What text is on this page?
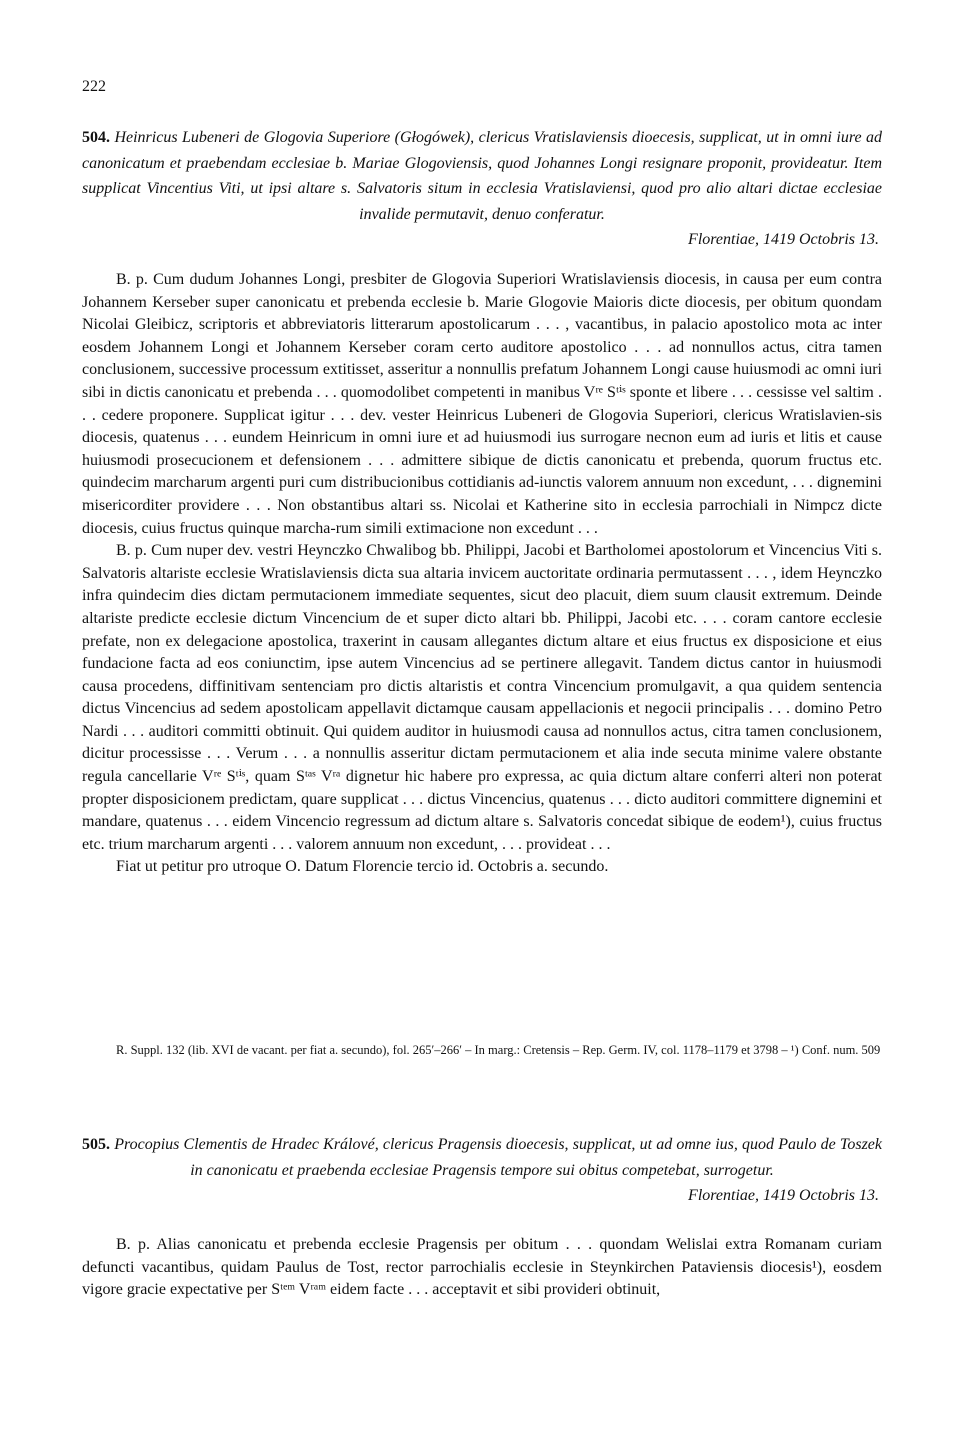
222
504. Heinricus Lubeneri de Glogovia Superiore (Głogówek), clericus Vratislaviensis dioecesis, supplicat, ut in omni iure ad canonicatum et praebendam ecclesiae b. Mariae Glogoviensis, quod Johannes Longi resignare proponit, provideatur. Item supplicat Vincentius Viti, ut ipsi altare s. Salvatoris situm in ecclesia Vratislaviensi, quod pro alio altari dictae ecclesiae invalide permutavit, denuo conferatur.
Florentiae, 1419 Octobris 13.

B. p. Cum dudum Johannes Longi, presbiter de Glogovia Superiori Wratislaviensis diocesis, in causa per eum contra Johannem Kerseber super canonicatu et prebenda ecclesie b. Marie Glogovie Maioris dicte diocesis, per obitum quondam Nicolai Gleibicz, scriptoris et abbreviatoris litterarum apostolicarum . . . , vacantibus, in palacio apostolico mota ac inter eosdem Johannem Longi et Johannem Kerseber coram certo auditore apostolico . . . ad nonnullos actus, citra tamen conclusionem, successive processum extitisset, asseritur a nonnullis prefatum Johannem Longi cause huiusmodi ac omni iuri sibi in dictis canonicatu et prebenda . . . quomodolibet competenti in manibus Vʳᵉ Sᵗⁱˢ sponte et libere . . . cessisse vel saltim . . . cedere proponere. Supplicat igitur . . . dev. vester Heinricus Lubeneri de Glogovia Superiori, clericus Wratislavien-sis diocesis, quatenus . . . eundem Heinricum in omni iure et ad huiusmodi ius surrogare necnon eum ad iuris et litis et cause huiusmodi prosecucionem et defensionem . . . admittere sibique de dictis canonicatu et prebenda, quorum fructus etc. quindecim marcharum argenti puri cum distribucionibus cottidianis ad-iunctis valorem annuum non excedunt, . . . dignemini misericorditer providere . . . Non obstantibus altari ss. Nicolai et Katherine sito in ecclesia parrochiali in Nimpcz dicte diocesis, cuius fructus quinque marcha-rum simili extimacione non excedunt . . .

B. p. Cum nuper dev. vestri Heynczko Chwalibog bb. Philippi, Jacobi et Bartholomei apostolorum et Vincencius Viti s. Salvatoris altariste ecclesie Wratislaviensis dicta sua altaria invicem auctoritate ordinaria permutassent . . . , idem Heynczko infra quindecim dies dictam permutacionem immediate sequentes, sicut deo placuit, diem suum clausit extremum. Deinde altariste predicte ecclesie dictum Vincencium de et super dicto altari bb. Philippi, Jacobi etc. . . . coram cantore ecclesie prefate, non ex delegacione apostolica, traxerint in causam allegantes dictum altare et eius fructus ex disposicione et eius fundacione facta ad eos coniunctim, ipse autem Vincencius ad se pertinere allegavit. Tandem dictus cantor in huiusmodi causa procedens, diffinitivam sentenciam pro dictis altaristis et contra Vincencium promulgavit, a qua quidem sentencia dictus Vincencius ad sedem apostolicam appellavit dictamque causam appellacionis et negocii principalis . . . domino Petro Nardi . . . auditori committi obtinuit. Qui quidem auditor in huiusmodi causa ad nonnullos actus, citra tamen conclusionem, dicitur processisse . . . Verum . . . a nonnullis asseritur dictam permutacionem et alia inde secuta minime valere obstante regula cancellarie Vʳᵉ Sᵗⁱˢ, quam Sᵗᵃˢ Vʳᵃ dignetur hic habere pro expressa, ac quia dictum altare conferri alteri non poterat propter disposicionem predictam, quare supplicat . . . dictus Vincencius, quatenus . . . dicto auditori committere dignemini et mandare, quatenus . . . eidem Vincencio regressum ad dictum altare s. Salvatoris concedat sibique de eodem¹), cuius fructus etc. trium marcharum argenti . . . valorem annuum non excedunt, . . . provideat . . .

Fiat ut petitur pro utroque O. Datum Florencie tercio id. Octobris a. secundo.

R. Suppl. 132 (lib. XVI de vacant. per fiat a. secundo), fol. 265′–266′ – In marg.: Cretensis – Rep. Germ. IV, col. 1178–1179 et 3798 – ¹) Conf. num. 509

505. Procopius Clementis de Hradec Králové, clericus Pragensis dioecesis, supplicat, ut ad omne ius, quod Paulo de Toszek in canonicatu et praebenda ecclesiae Pragensis tempore sui obitus competebat, surrogetur.
Florentiae, 1419 Octobris 13.

B. p. Alias canonicatu et prebenda ecclesie Pragensis per obitum . . . quondam Welislai extra Romanam curiam defuncti vacantibus, quidam Paulus de Tost, rector parrochialis ecclesie in Steynkirchen Pataviensis diocesis¹), eosdem vigore gracie expectative per Sᵗᵉᵐ Vʳᵃᵐ eidem facte . . . acceptavit et sibi provideri obtinuit,
